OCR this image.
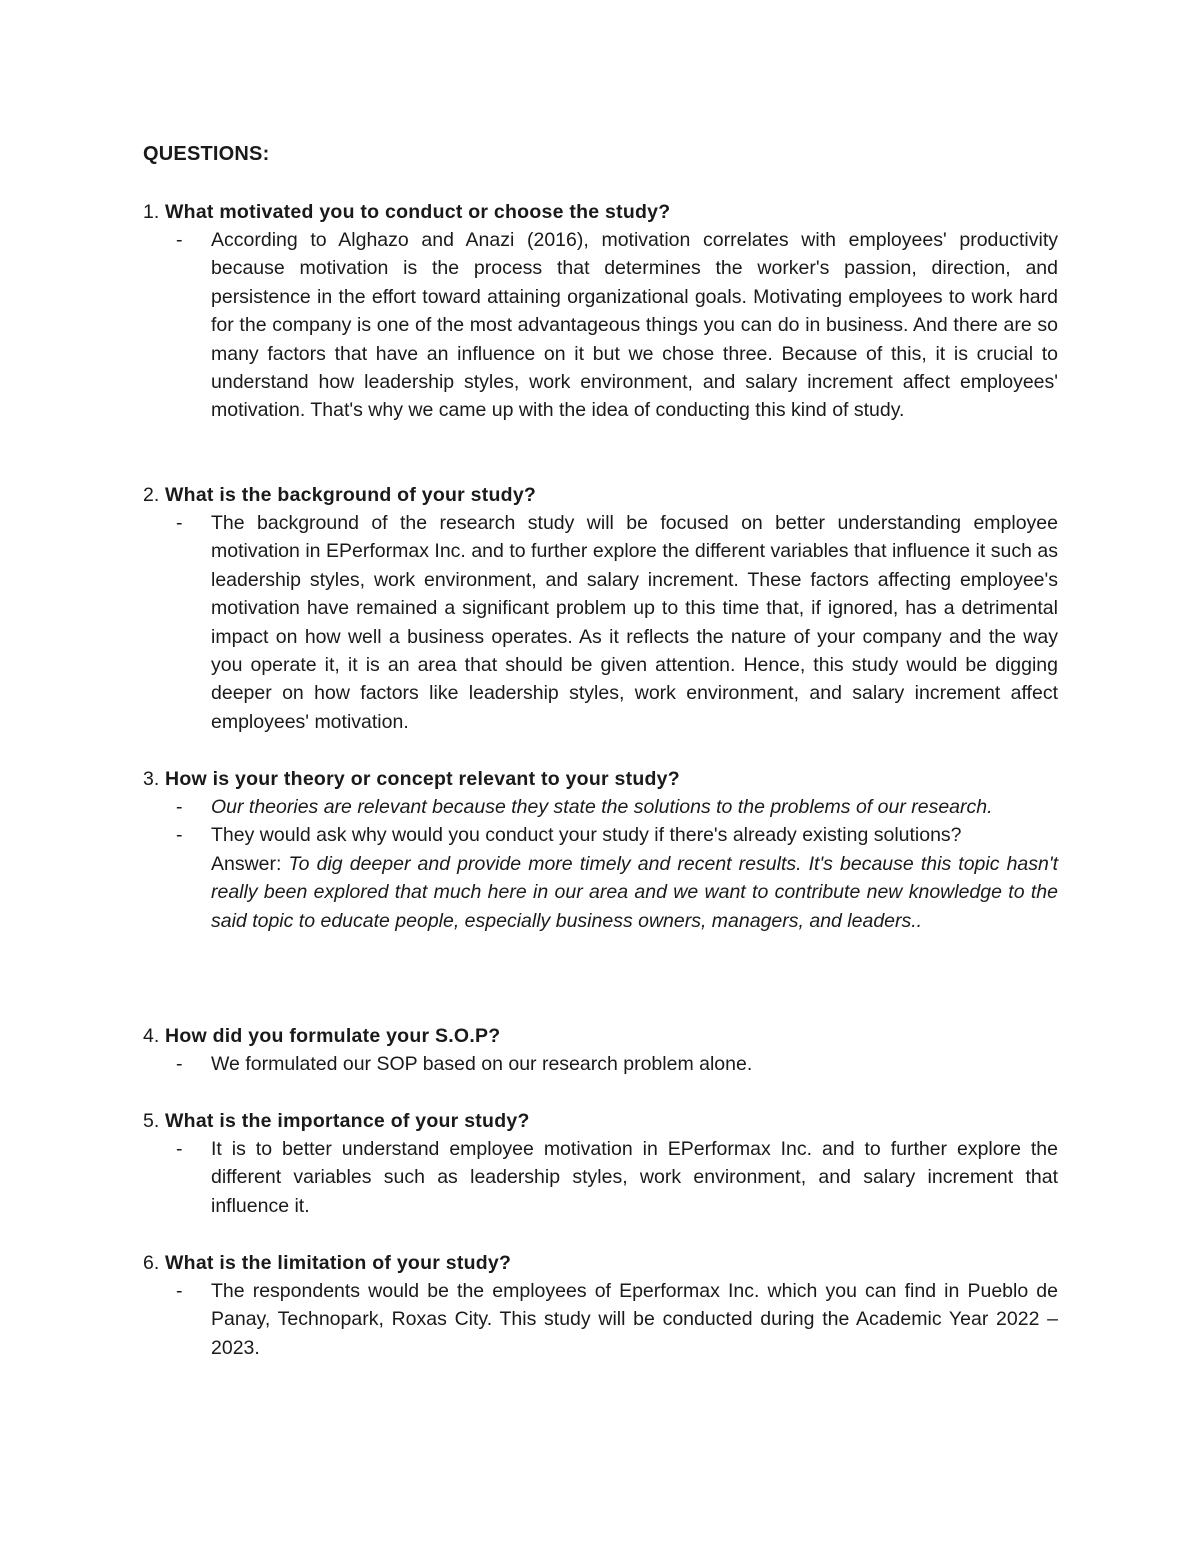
QUESTIONS:
1. What motivated you to conduct or choose the study?
-	According to Alghazo and Anazi (2016), motivation correlates with employees' productivity because motivation is the process that determines the worker's passion, direction, and persistence in the effort toward attaining organizational goals. Motivating employees to work hard for the company is one of the most advantageous things you can do in business. And there are so many factors that have an influence on it but we chose three. Because of this, it is crucial to understand how leadership styles, work environment, and salary increment affect employees' motivation. That's why we came up with the idea of conducting this kind of study.
2. What is the background of your study?
-	The background of the research study will be focused on better understanding employee motivation in EPerformax Inc. and to further explore the different variables that influence it such as leadership styles, work environment, and salary increment. These factors affecting employee's motivation have remained a significant problem up to this time that, if ignored, has a detrimental impact on how well a business operates. As it reflects the nature of your company and the way you operate it, it is an area that should be given attention. Hence, this study would be digging deeper on how factors like leadership styles, work environment, and salary increment affect employees' motivation.
3. How is your theory or concept relevant to your study?
-	Our theories are relevant because they state the solutions to the problems of our research.
-	They would ask why would you conduct your study if there's already existing solutions?
Answer: To dig deeper and provide more timely and recent results. It's because this topic hasn't really been explored that much here in our area and we want to contribute new knowledge to the said topic to educate people, especially business owners, managers, and leaders..
4. How did you formulate your S.O.P?
-	We formulated our SOP based on our research problem alone.
5. What is the importance of your study?
-	It is to better understand employee motivation in EPerformax Inc. and to further explore the different variables such as leadership styles, work environment, and salary increment that influence it.
6. What is the limitation of your study?
-	The respondents would be the employees of Eperformax Inc. which you can find in Pueblo de Panay, Technopark, Roxas City. This study will be conducted during the Academic Year 2022 – 2023.
